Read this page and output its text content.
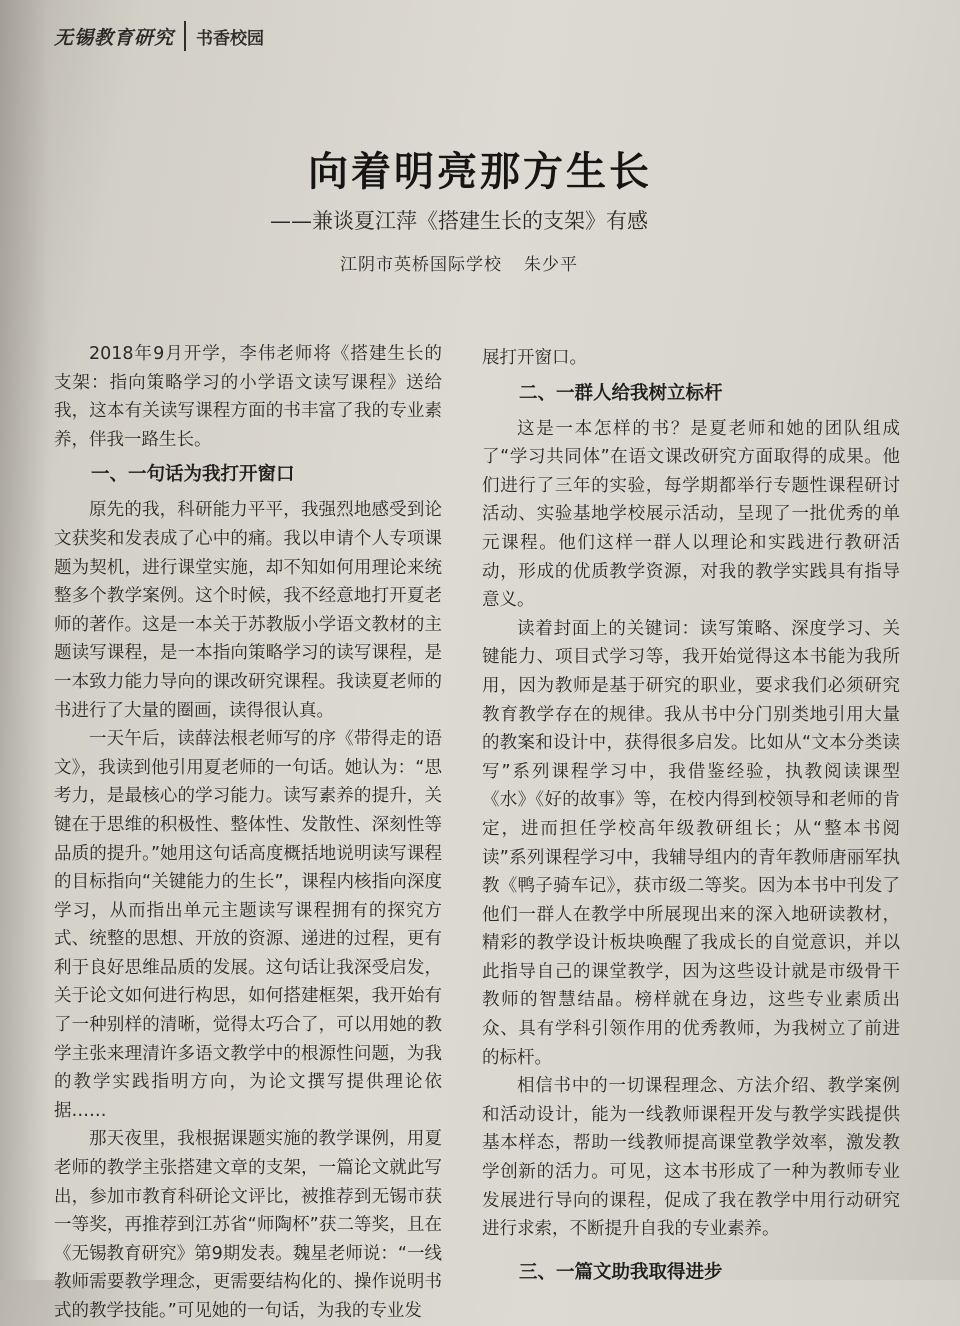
无锡教育研究 书香校园
向着明亮那方生长
——兼谈夏江萍《搭建生长的支架》有感
江阴市英桥国际学校 朱少平

2018年9月开学，李伟老师将《搭建生长的支架：指向策略学习的小学语文读写课程》送给我，这本有关读写课程方面的书丰富了我的专业素养，伴我一路生长。

一、一句话为我打开窗口

原先的我，科研能力平平，我强烈地感受到论文获奖和发表成了心中的痛。我以申请个人专项课题为契机，进行课堂实施，却不知如何用理论来统整多个教学案例。这个时候，我不经意地打开夏老师的著作。这是一本关于苏教版小学语文教材的主题读写课程，是一本指向策略学习的读写课程，是一本致力能力导向的课改研究课程。我读夏老师的书进行了大量的圈画，读得很认真。

一天午后，读薛法根老师写的序《带得走的语文》，我读到他引用夏老师的一句话。她认为：“思考力，是最核心的学习能力。读写素养的提升，关键在于思维的积极性、整体性、发散性、深刻性等品质的提升。”她用这句话高度概括地说明读写课程的目标指向“关键能力的生长”，课程内核指向深度学习，从而指出单元主题读写课程拥有的探究方式、统整的思想、开放的资源、递进的过程，更有利于良好思维品质的发展。这句话让我深受启发，关于论文如何进行构思，如何搭建框架，我开始有了一种别样的清晰，觉得太巧合了，可以用她的教学主张来理清许多语文教学中的根源性问题，为我的教学实践指明方向，为论文撰写提供理论依据……

那天夜里，我根据课题实施的教学课例，用夏老师的教学主张搭建文章的支架，一篇论文就此写出，参加市教育科研论文评比，被推荐到无锡市获一等奖，再推荐到江苏省“师陶杯”获二等奖，且在《无锡教育研究》第9期发表。魏星老师说：“一线教师需要教学理念，更需要结构化的、操作说明书式的教学技能。”可见她的一句话，为我的专业发

展打开窗口。

二、一群人给我树立标杆

这是一本怎样的书？是夏老师和她的团队组成了“学习共同体”在语文课改研究方面取得的成果。他们进行了三年的实验，每学期都举行专题性课程研讨活动、实验基地学校展示活动，呈现了一批优秀的单元课程。他们这样一群人以理论和实践进行教研活动，形成的优质教学资源，对我的教学实践具有指导意义。

读着封面上的关键词：读写策略、深度学习、关键能力、项目式学习等，我开始觉得这本书能为我所用，因为教师是基于研究的职业，要求我们必须研究教育教学存在的规律。我从书中分门别类地引用大量的教案和设计中，获得很多启发。比如从“文本分类读写”系列课程学习中，我借鉴经验，执教阅读课型《水》《好的故事》等，在校内得到校领导和老师的肯定，进而担任学校高年级教研组长；从“整本书阅读”系列课程学习中，我辅导组内的青年教师唐丽军执教《鸭子骑车记》，获市级二等奖。因为本书中刊发了他们一群人在教学中所展现出来的深入地研读教材，精彩的教学设计板块唤醒了我成长的自觉意识，并以此指导自己的课堂教学，因为这些设计就是市级骨干教师的智慧结晶。榜样就在身边，这些专业素质出众、具有学科引领作用的优秀教师，为我树立了前进的标杆。

相信书中的一切课程理念、方法介绍、教学案例和活动设计，能为一线教师课程开发与教学实践提供基本样态，帮助一线教师提高课堂教学效率，激发教学创新的活力。可见，这本书形成了一种为教师专业发展进行导向的课程，促成了我在教学中用行动研究进行求索，不断提升自我的专业素养。

三、一篇文助我取得进步
